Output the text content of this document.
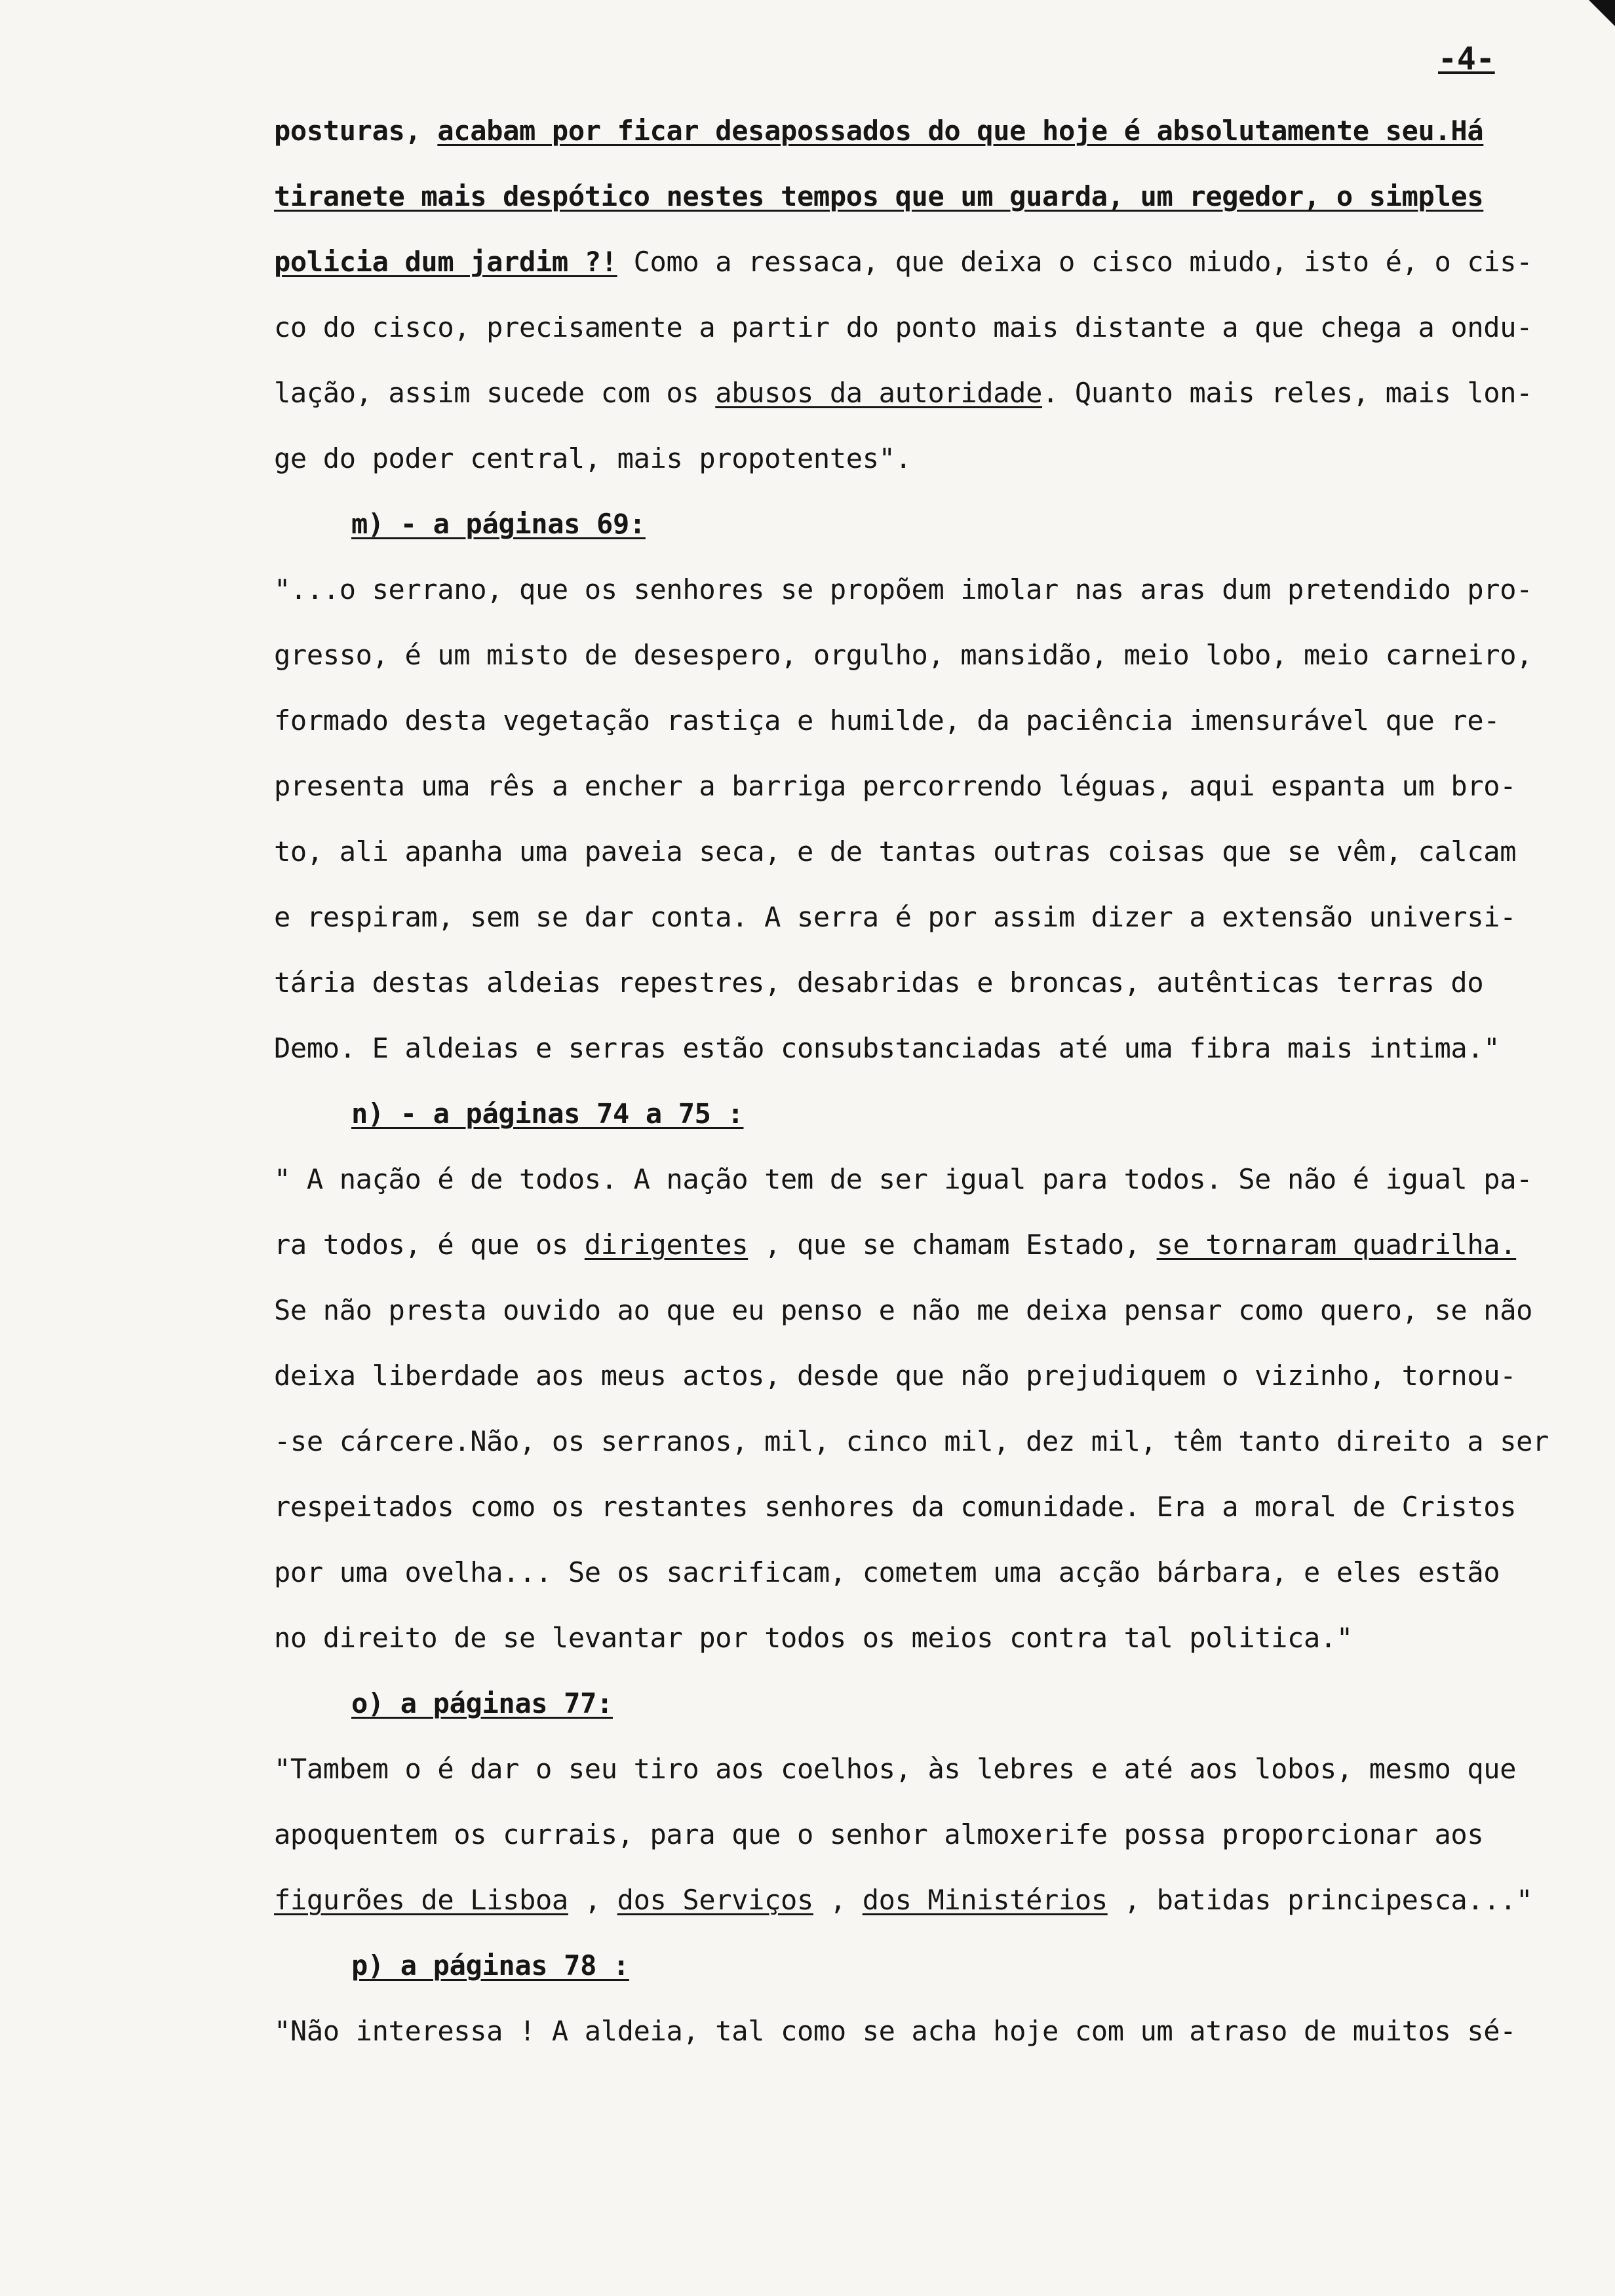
-4-
posturas, acabam por ficar desapossados do que hoje é absolutamente seu.Há
tiranete mais despótico nestes tempos que um guarda, um regedor, o simples
policia dum jardim ?! Como a ressaca, que deixa o cisco miudo, isto é, o cis-
co do cisco, precisamente a partir do ponto mais distante a que chega a ondu-
lação, assim sucede com os abusos da autoridade. Quanto mais reles, mais lon-
ge do poder central, mais propotentes".
m) - a páginas 69:
"...o serrano, que os senhores se propõem imolar nas aras dum pretendido pro-
gresso, é um misto de desespero, orgulho, mansidão, meio lobo, meio carneiro,
formado desta vegetação rastiça e humilde, da paciência imensurável que re-
presenta uma rês a encher a barriga percorrendo léguas, aqui espanta um bro-
to, ali apanha uma paveia seca, e de tantas outras coisas que se vêm, calcam
e respiram, sem se dar conta. A serra é por assim dizer a extensão universi-
tária destas aldeias repestres, desabridas e broncas, autênticas terras do
Demo. E aldeias e serras estão consubstanciadas até uma fibra mais intima."
n) - a páginas 74 a 75 :
" A nação é de todos. A nação tem de ser igual para todos. Se não é igual pa-
ra todos, é que os dirigentes , que se chamam Estado, se tornaram quadrilha.
Se não presta ouvido ao que eu penso e não me deixa pensar como quero, se não
deixa liberdade aos meus actos, desde que não prejudiquem o vizinho, tornou-
-se cárcere.Não, os serranos, mil, cinco mil, dez mil, têm tanto direito a ser
respeitados como os restantes senhores da comunidade. Era a moral de Cristos
por uma ovelha... Se os sacrificam, cometem uma acção bárbara, e eles estão
no direito de se levantar por todos os meios contra tal politica."
o) a páginas 77:
"Tambem o é dar o seu tiro aos coelhos, às lebres e até aos lobos, mesmo que
apoquentem os currais, para que o senhor almoxerife possa proporcionar aos
figurões de Lisboa , dos Serviços , dos Ministérios , batidas principesca..."
p) a páginas 78 :
"Não interessa ! A aldeia, tal como se acha hoje com um atraso de muitos sé-
